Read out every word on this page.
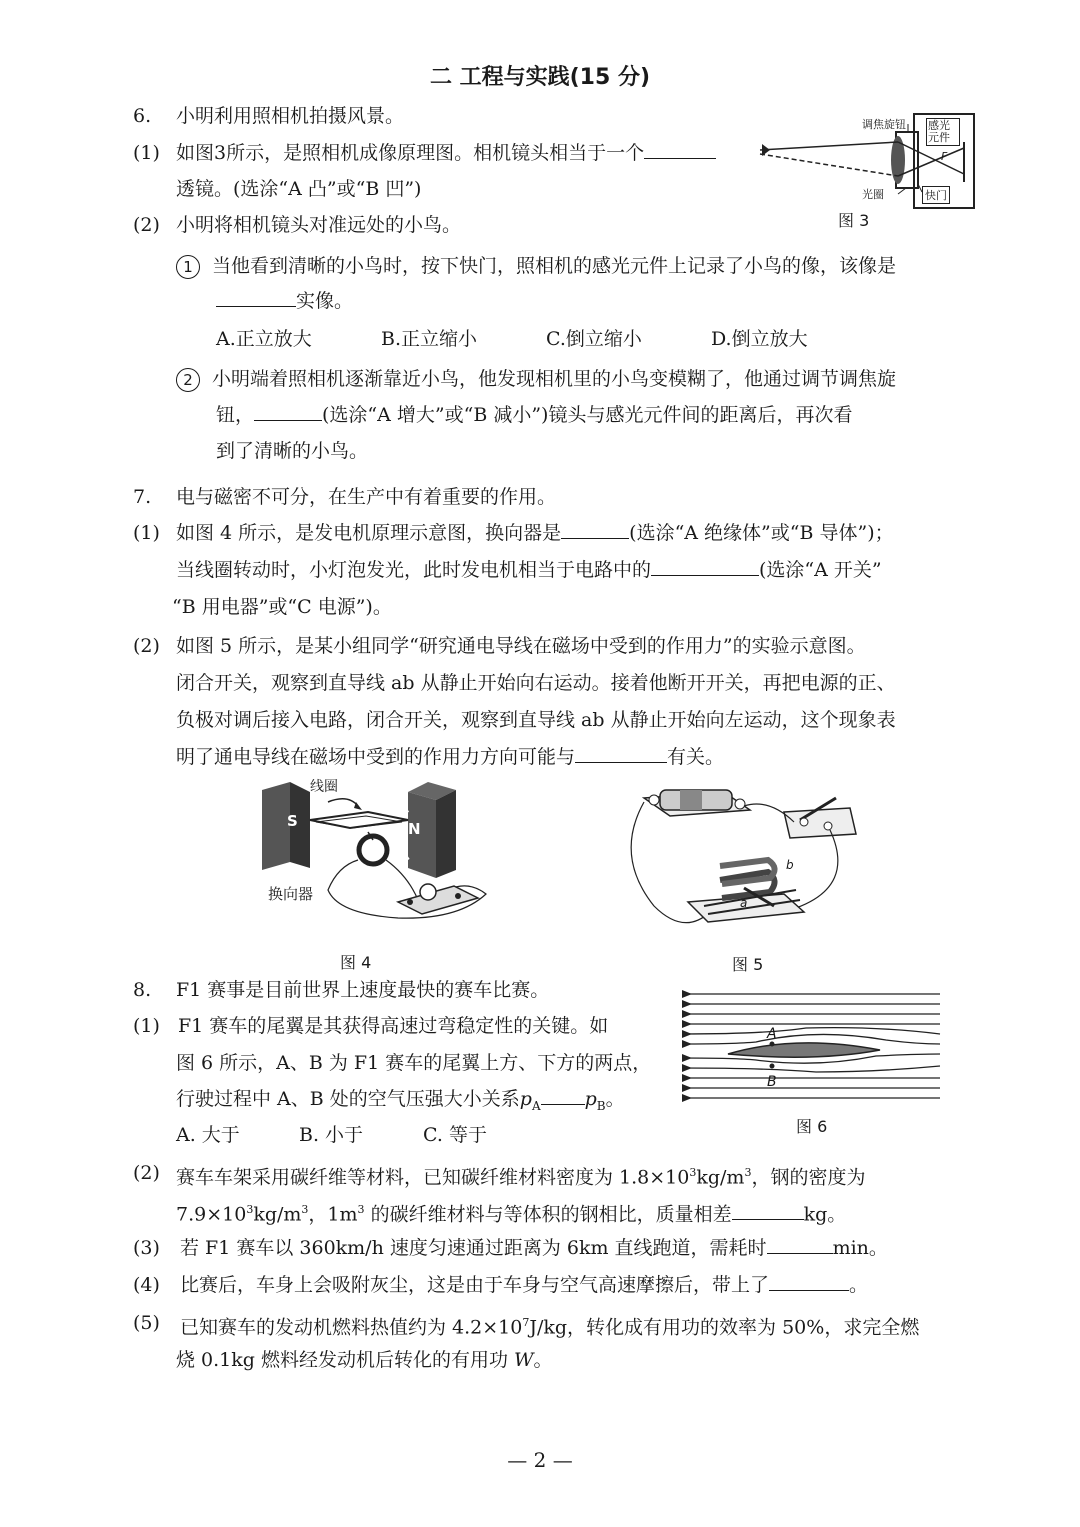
二 工程与实践(15 分)
6. 小明利用照相机拍摄风景。
(1) 如图3所示，是照相机成像原理图。相机镜头相当于一个
透镜。(选涂“A 凸”或“B 凹”)
(2) 小明将相机镜头对准远处的小鸟。
1 当他看到清晰的小鸟时，按下快门，照相机的感光元件上记录了小鸟的像，该像是
实像。
A.正立放大	B.正立缩小	C.倒立缩小	D.倒立放大
2 小明端着照相机逐渐靠近小鸟，他发现相机里的小鸟变模糊了，他通过调节调焦旋
钮，	(选涂“A 增大”或“B 减小”)镜头与感光元件间的距离后，再次看
到了清晰的小鸟。
调焦旋钮 感光元件
光圈	快门
F
图 3
7. 电与磁密不可分，在生产中有着重要的作用。
(1) 如图 4 所示，是发电机原理示意图，换向器是	(选涂“A 绝缘体”或“B 导体”)；
当线圈转动时，小灯泡发光，此时发电机相当于电路中的	(选涂“A 开关”
“B 用电器”或“C 电源”)。
(2) 如图 5 所示，是某小组同学“研究通电导线在磁场中受到的作用力”的实验示意图。
闭合开关，观察到直导线 ab 从静止开始向右运动。接着他断开开关，再把电源的正、
负极对调后接入电路，闭合开关，观察到直导线 ab 从静止开始向左运动，这个现象表
明了通电导线在磁场中受到的作用力方向可能与	有关。
S	N
线圈
换向器
图 4
a
b
图 5
8. F1 赛事是目前世界上速度最快的赛车比赛。
(1) F1 赛车的尾翼是其获得高速过弯稳定性的关键。如
图 6 所示，A、B 为 F1 赛车的尾翼上方、下方的两点，
行驶过程中 A、B 处的空气压强大小关系$p_A$ $p_B$。
A. 大于	B. 小于	C. 等于
A
B
图 6
(2) 赛车车架采用碳纤维等材料，已知碳纤维材料密度为 $1.8\times 10^3kg/m^3$，钢的密度为
$7.9\times 10^3kg/m^3$，$1m^3$ 的碳纤维材料与等体积的钢相比，质量相差	kg。
(3) 若 F1 赛车以 360km/h 速度匀速通过距离为 6km 直线跑道，需耗时	min。
(4) 比赛后，车身上会吸附灰尘，这是由于车身与空气高速摩擦后，带上了	。
(5) 已知赛车的发动机燃料热值约为 $4.2\times 10^7J/kg$，转化成有用功的效率为 50%，求完全燃
烧 0.1kg 燃料经发动机后转化的有用功 W。
— 2 —
